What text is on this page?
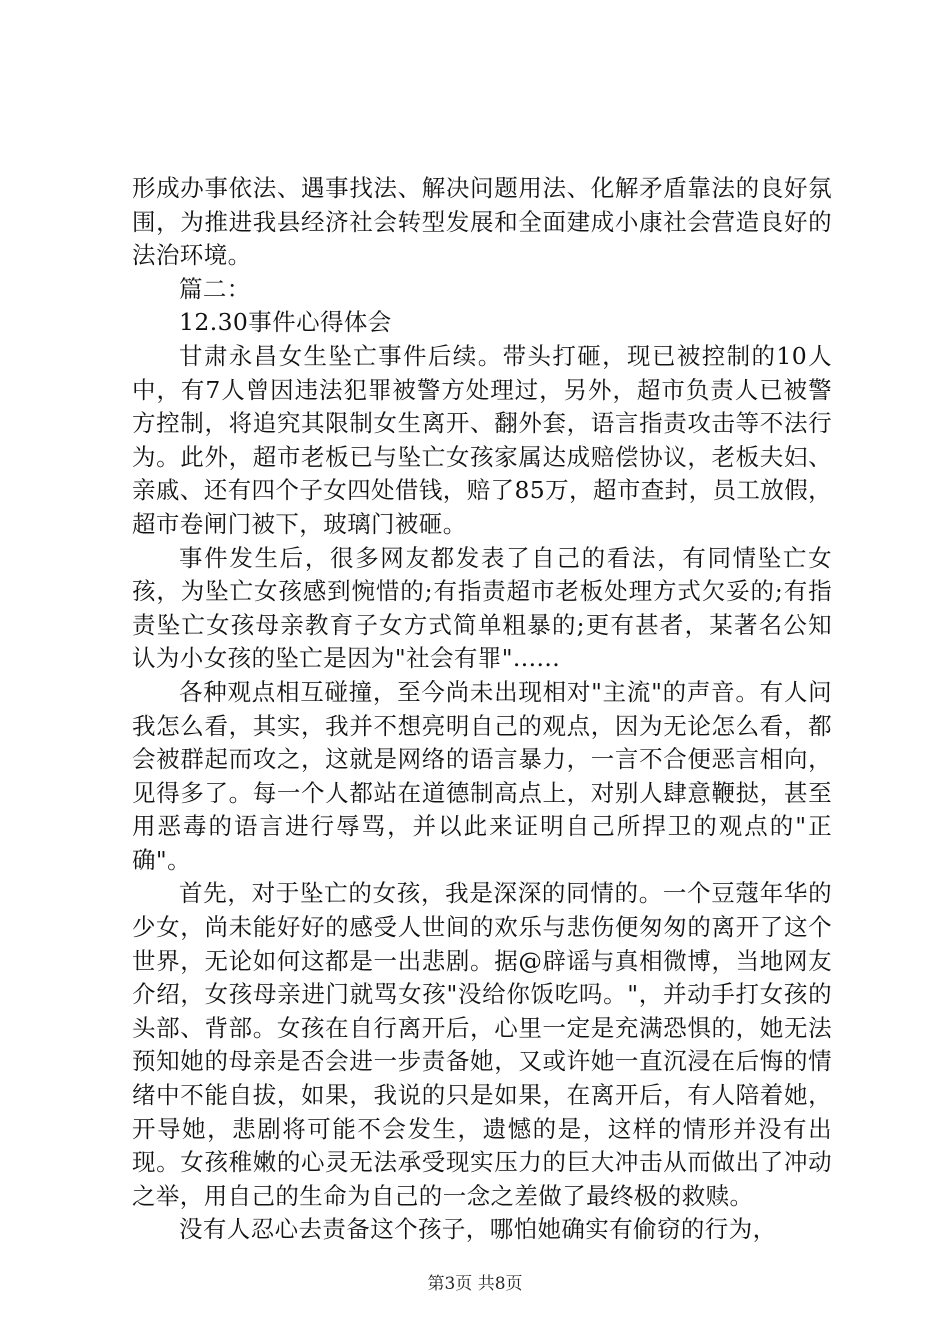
形成办事依法、遇事找法、解决问题用法、化解矛盾靠法的良好氛围，为推进我县经济社会转型发展和全面建成小康社会营造良好的法治环境。

篇二：

12.30事件心得体会

甘肃永昌女生坠亡事件后续。带头打砸，现已被控制的10人中，有7人曾因违法犯罪被警方处理过，另外，超市负责人已被警方控制，将追究其限制女生离开、翻外套，语言指责攻击等不法行为。此外，超市老板已与坠亡女孩家属达成赔偿协议，老板夫妇、亲戚、还有四个子女四处借钱，赔了85万，超市查封，员工放假，超市卷闸门被下，玻璃门被砸。

事件发生后，很多网友都发表了自己的看法，有同情坠亡女孩，为坠亡女孩感到惋惜的;有指责超市老板处理方式欠妥的;有指责坠亡女孩母亲教育子女方式简单粗暴的;更有甚者，某著名公知认为小女孩的坠亡是因为"社会有罪"......

各种观点相互碰撞，至今尚未出现相对"主流"的声音。有人问我怎么看，其实，我并不想亮明自己的观点，因为无论怎么看，都会被群起而攻之，这就是网络的语言暴力，一言不合便恶言相向，见得多了。每一个人都站在道德制高点上，对别人肆意鞭挞，甚至用恶毒的语言进行辱骂，并以此来证明自己所捍卫的观点的"正确"。

首先，对于坠亡的女孩，我是深深的同情的。一个豆蔻年华的少女，尚未能好好的感受人世间的欢乐与悲伤便匆匆的离开了这个世界，无论如何这都是一出悲剧。据@辟谣与真相微博，当地网友介绍，女孩母亲进门就骂女孩"没给你饭吃吗。"，并动手打女孩的头部、背部。女孩在自行离开后，心里一定是充满恐惧的，她无法预知她的母亲是否会进一步责备她，又或许她一直沉浸在后悔的情绪中不能自拔，如果，我说的只是如果，在离开后，有人陪着她，开导她，悲剧将可能不会发生，遗憾的是，这样的情形并没有出现。女孩稚嫩的心灵无法承受现实压力的巨大冲击从而做出了冲动之举，用自己的生命为自己的一念之差做了最终极的救赎。

没有人忍心去责备这个孩子，哪怕她确实有偷窃的行为，

第3页 共8页
